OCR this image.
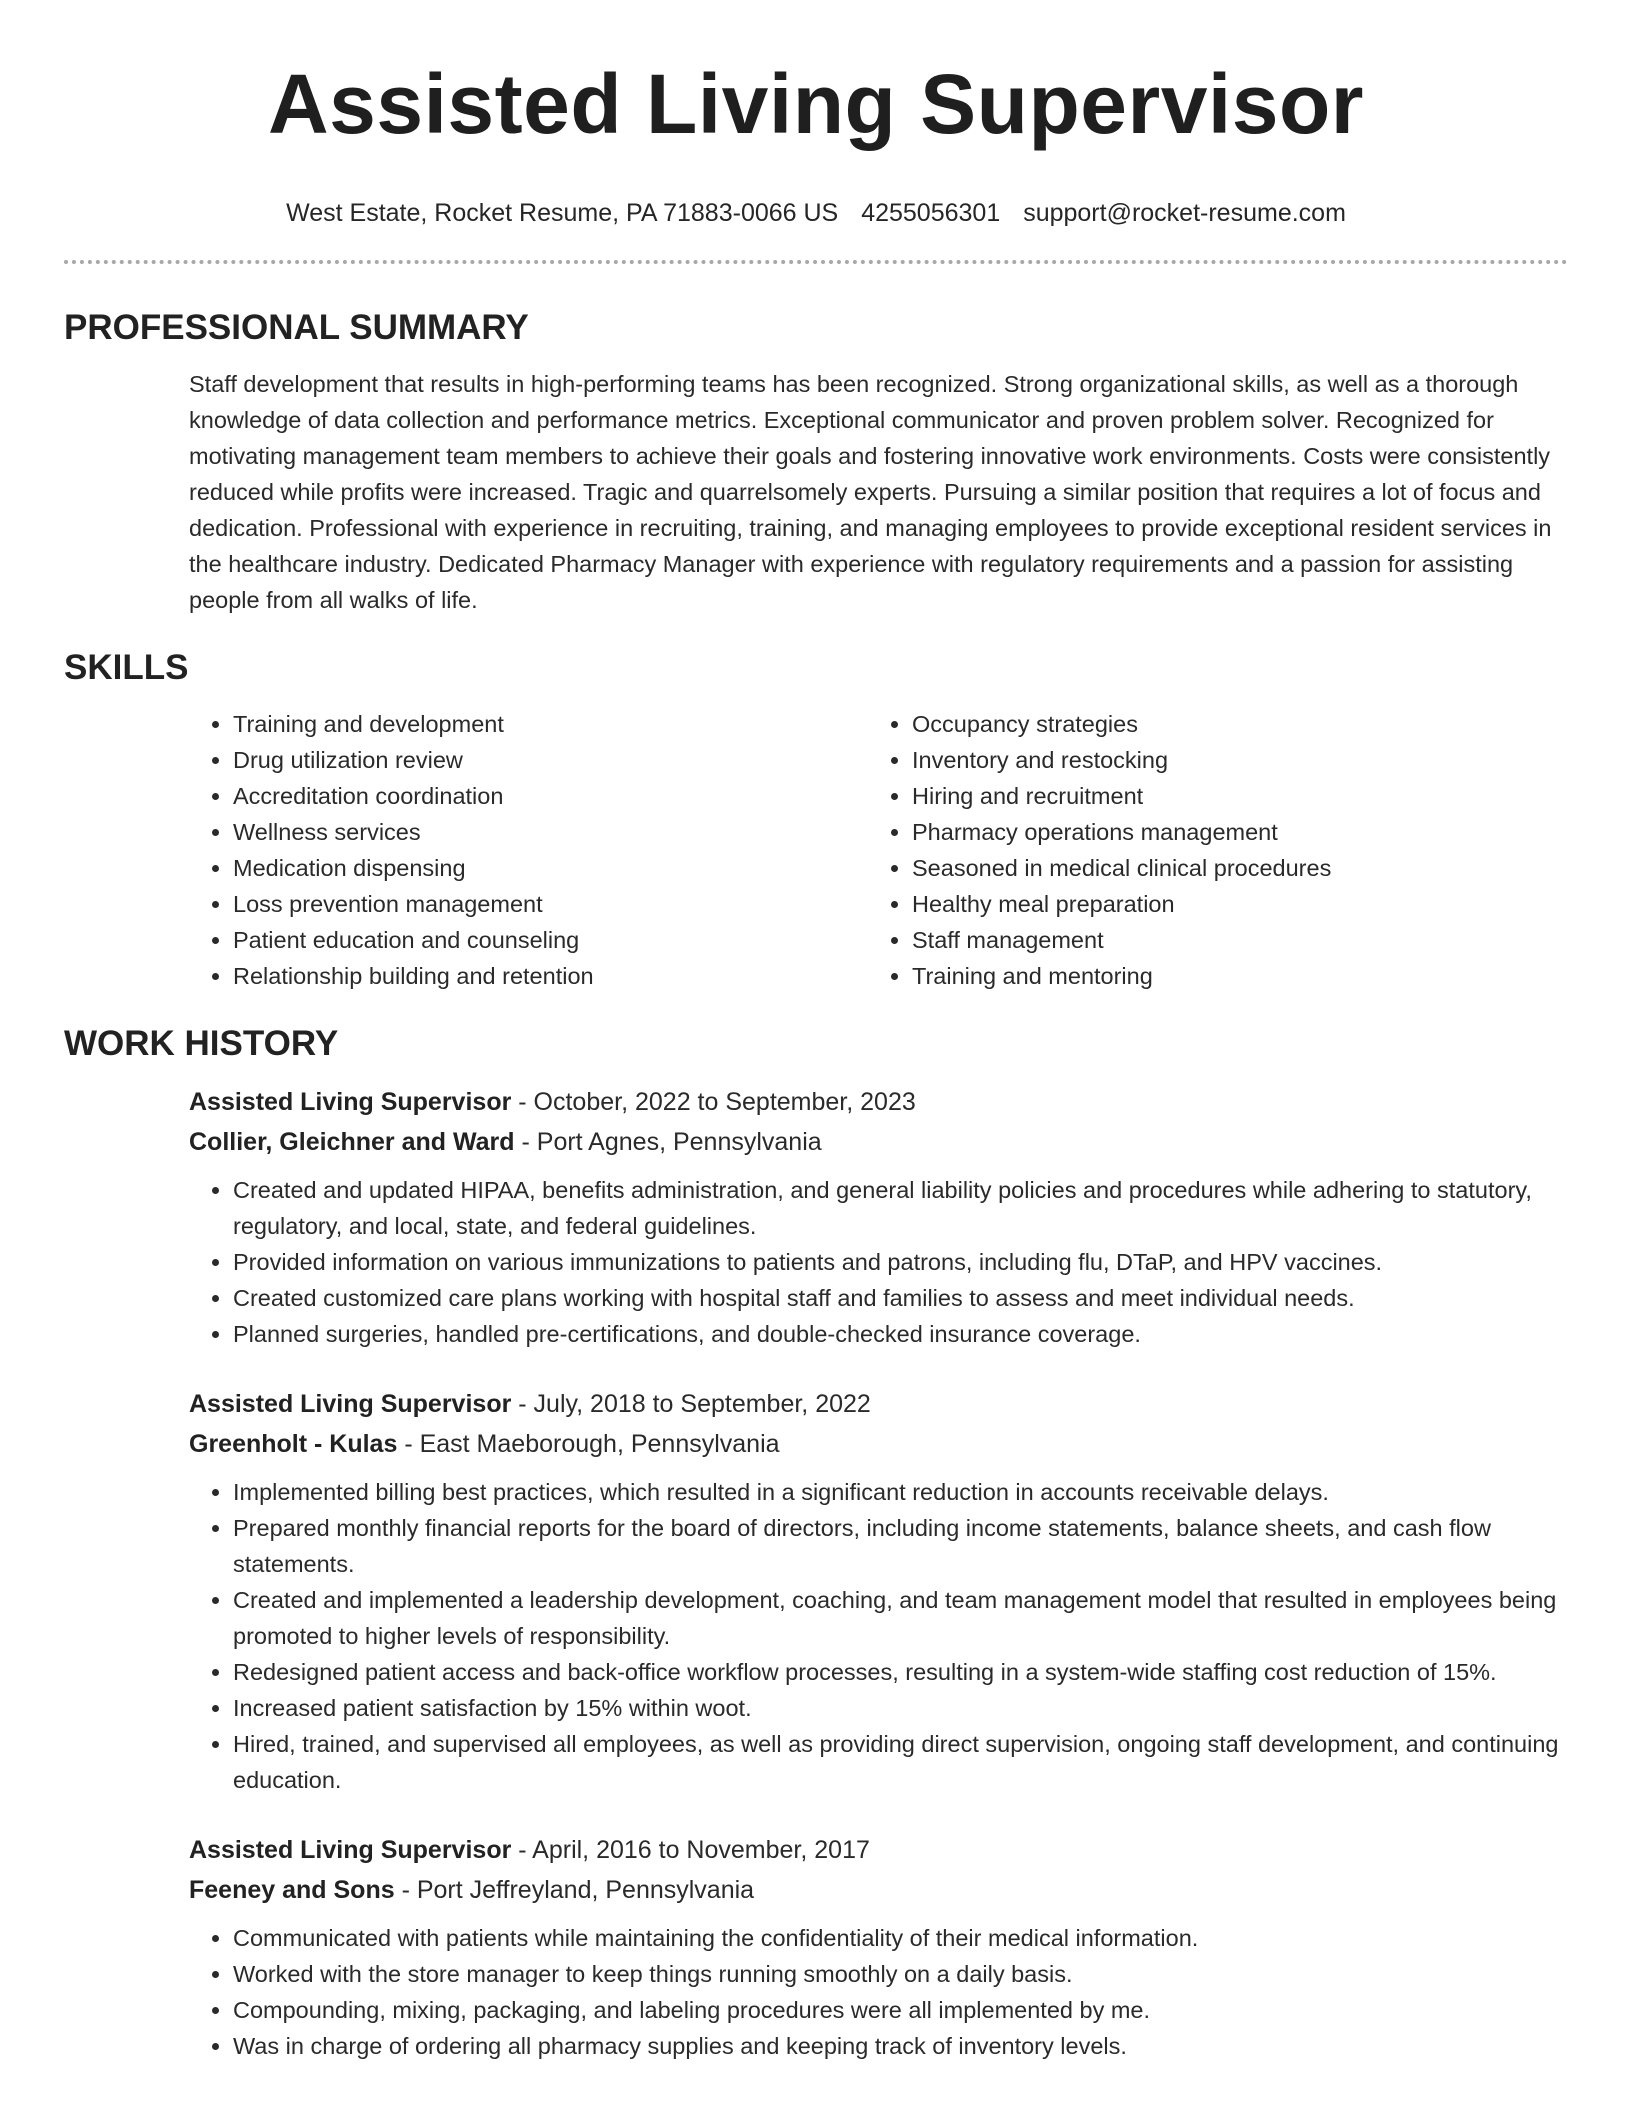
Assisted Living Supervisor
West Estate, Rocket Resume, PA 71883-0066 US 4255056301 support@rocket-resume.com
PROFESSIONAL SUMMARY
Staff development that results in high-performing teams has been recognized. Strong organizational skills, as well as a thorough knowledge of data collection and performance metrics. Exceptional communicator and proven problem solver. Recognized for motivating management team members to achieve their goals and fostering innovative work environments. Costs were consistently reduced while profits were increased. Tragic and quarrelsomely experts. Pursuing a similar position that requires a lot of focus and dedication. Professional with experience in recruiting, training, and managing employees to provide exceptional resident services in the healthcare industry. Dedicated Pharmacy Manager with experience with regulatory requirements and a passion for assisting people from all walks of life.
SKILLS
• Training and development
• Drug utilization review
• Accreditation coordination
• Wellness services
• Medication dispensing
• Loss prevention management
• Patient education and counseling
• Relationship building and retention
• Occupancy strategies
• Inventory and restocking
• Hiring and recruitment
• Pharmacy operations management
• Seasoned in medical clinical procedures
• Healthy meal preparation
• Staff management
• Training and mentoring
WORK HISTORY
Assisted Living Supervisor - October, 2022 to September, 2023
Collier, Gleichner and Ward - Port Agnes, Pennsylvania
• Created and updated HIPAA, benefits administration, and general liability policies and procedures while adhering to statutory, regulatory, and local, state, and federal guidelines.
• Provided information on various immunizations to patients and patrons, including flu, DTaP, and HPV vaccines.
• Created customized care plans working with hospital staff and families to assess and meet individual needs.
• Planned surgeries, handled pre-certifications, and double-checked insurance coverage.
Assisted Living Supervisor - July, 2018 to September, 2022
Greenholt - Kulas - East Maeborough, Pennsylvania
• Implemented billing best practices, which resulted in a significant reduction in accounts receivable delays.
• Prepared monthly financial reports for the board of directors, including income statements, balance sheets, and cash flow statements.
• Created and implemented a leadership development, coaching, and team management model that resulted in employees being promoted to higher levels of responsibility.
• Redesigned patient access and back-office workflow processes, resulting in a system-wide staffing cost reduction of 15%.
• Increased patient satisfaction by 15% within woot.
• Hired, trained, and supervised all employees, as well as providing direct supervision, ongoing staff development, and continuing education.
Assisted Living Supervisor - April, 2016 to November, 2017
Feeney and Sons - Port Jeffreyland, Pennsylvania
• Communicated with patients while maintaining the confidentiality of their medical information.
• Worked with the store manager to keep things running smoothly on a daily basis.
• Compounding, mixing, packaging, and labeling procedures were all implemented by me.
• Was in charge of ordering all pharmacy supplies and keeping track of inventory levels.
